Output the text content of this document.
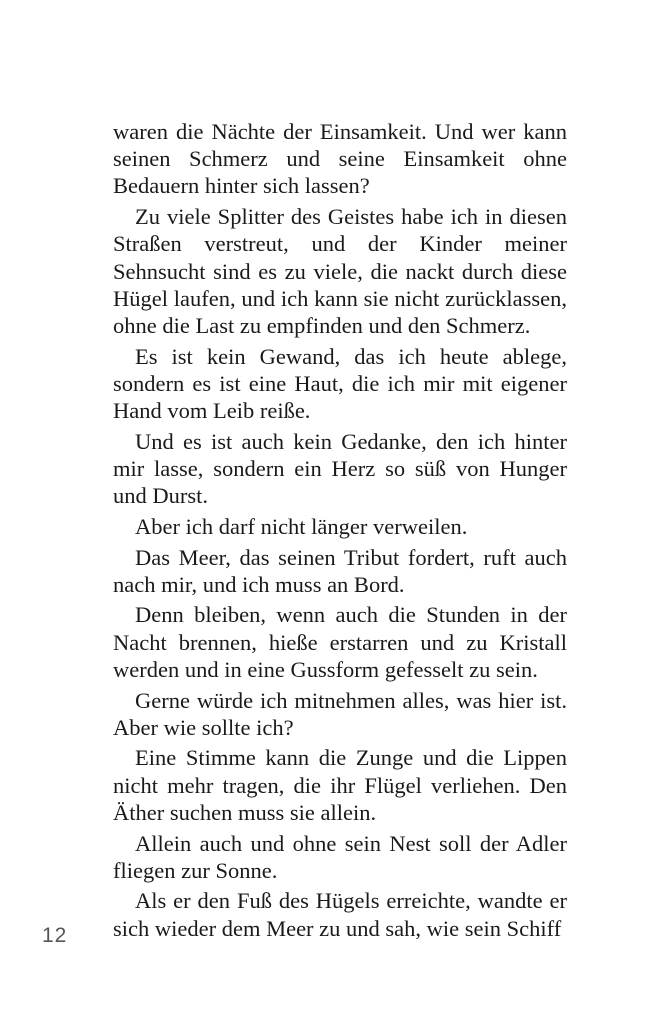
waren die Nächte der Einsamkeit. Und wer kann seinen Schmerz und seine Einsamkeit ohne Bedauern hinter sich lassen?

Zu viele Splitter des Geistes habe ich in diesen Straßen verstreut, und der Kinder meiner Sehnsucht sind es zu viele, die nackt durch diese Hügel laufen, und ich kann sie nicht zurücklassen, ohne die Last zu empfinden und den Schmerz.

Es ist kein Gewand, das ich heute ablege, sondern es ist eine Haut, die ich mir mit eigener Hand vom Leib reiße.

Und es ist auch kein Gedanke, den ich hinter mir lasse, sondern ein Herz so süß von Hunger und Durst.

Aber ich darf nicht länger verweilen.

Das Meer, das seinen Tribut fordert, ruft auch nach mir, und ich muss an Bord.

Denn bleiben, wenn auch die Stunden in der Nacht brennen, hieße erstarren und zu Kristall werden und in eine Gussform gefesselt zu sein.

Gerne würde ich mitnehmen alles, was hier ist. Aber wie sollte ich?

Eine Stimme kann die Zunge und die Lippen nicht mehr tragen, die ihr Flügel verliehen. Den Äther suchen muss sie allein.

Allein auch und ohne sein Nest soll der Adler fliegen zur Sonne.

Als er den Fuß des Hügels erreichte, wandte er sich wieder dem Meer zu und sah, wie sein Schiff

12
